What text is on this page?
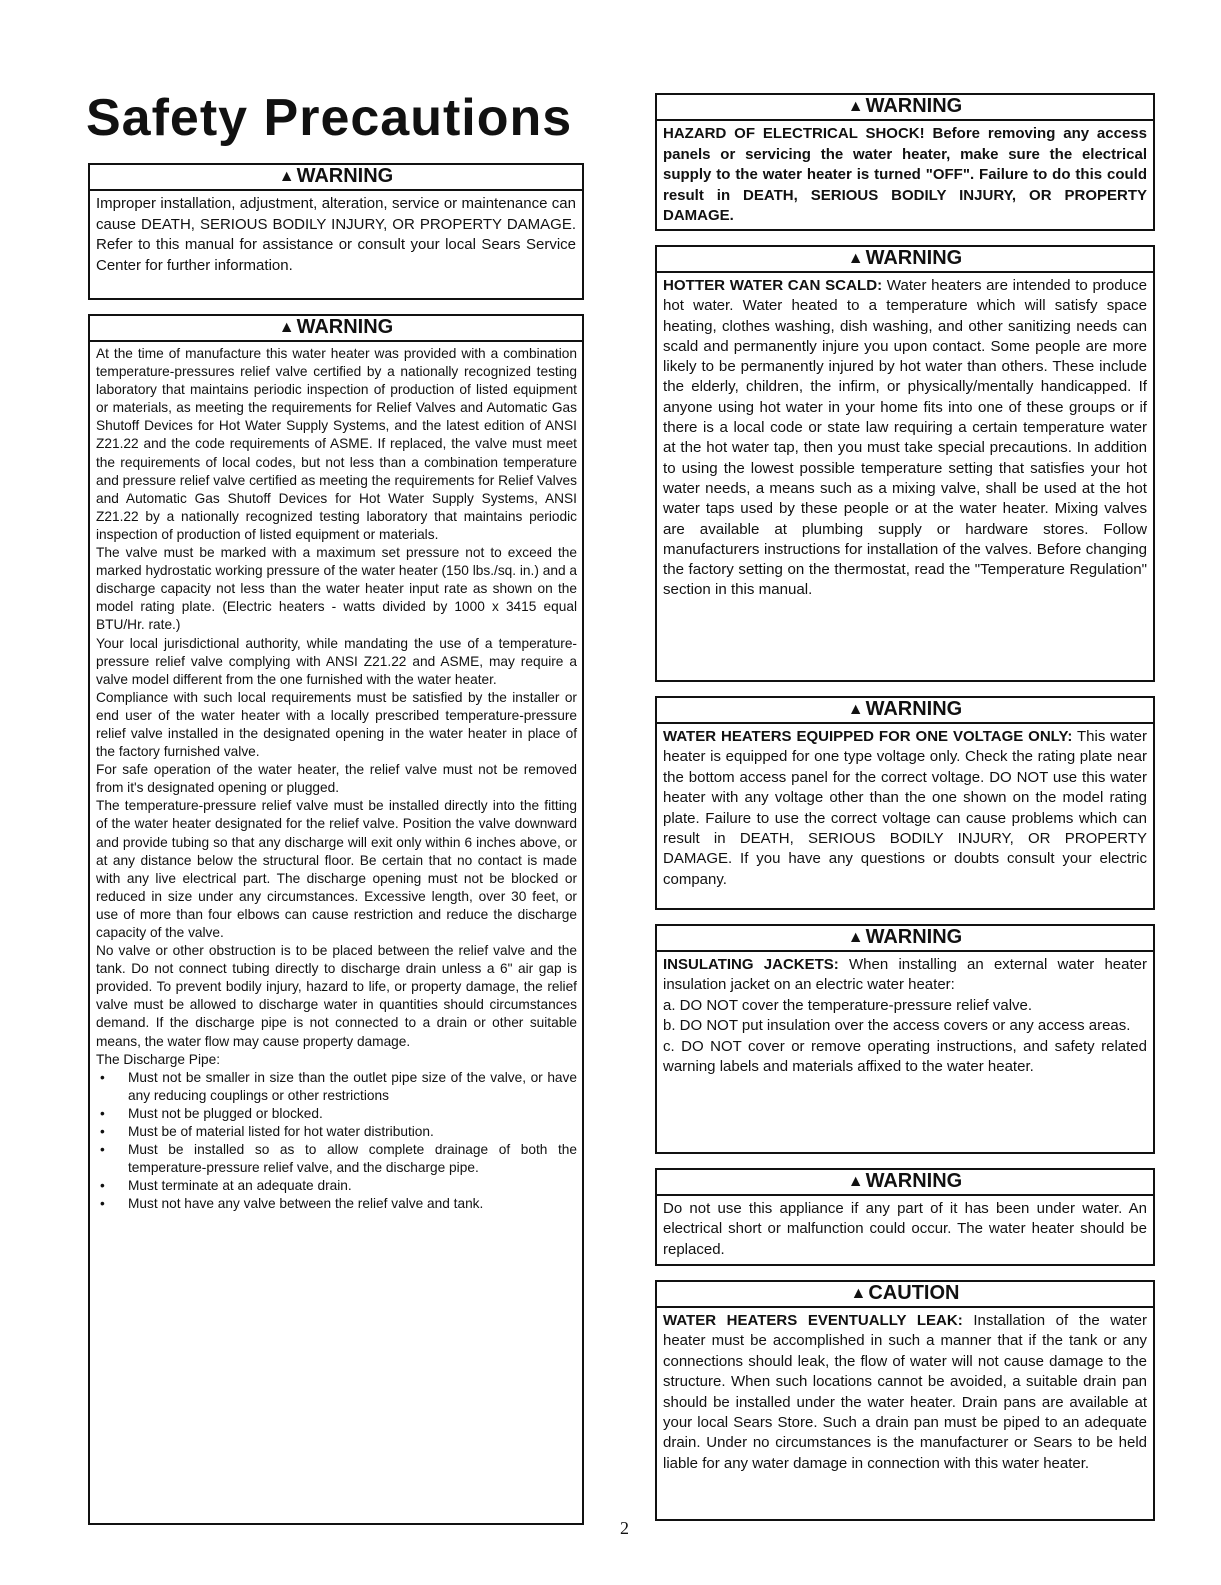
Safety Precautions
▲ WARNING

Improper installation, adjustment, alteration, service or maintenance can cause DEATH, SERIOUS BODILY INJURY, OR PROPERTY DAMAGE. Refer to this manual for assistance or consult your local Sears Service Center for further information.

▲ WARNING

At the time of manufacture this water heater was provided with a combination temperature-pressures relief valve certified by a nationally recognized testing laboratory that maintains periodic inspection of production of listed equipment or materials, as meeting the requirements for Relief Valves and Automatic Gas Shutoff Devices for Hot Water Supply Systems, and the latest edition of ANSI Z21.22 and the code requirements of ASME. If replaced, the valve must meet the requirements of local codes, but not less than a combination temperature and pressure relief valve certified as meeting the requirements for Relief Valves and Automatic Gas Shutoff Devices for Hot Water Supply Systems, ANSI Z21.22 by a nationally recognized testing laboratory that maintains periodic inspection of production of listed equipment or materials.

The valve must be marked with a maximum set pressure not to exceed the marked hydrostatic working pressure of the water heater (150 lbs./sq. in.) and a discharge capacity not less than the water heater input rate as shown on the model rating plate. (Electric heaters - watts divided by 1000 x 3415 equal BTU/Hr. rate.)

Your local jurisdictional authority, while mandating the use of a temperature-pressure relief valve complying with ANSI Z21.22 and ASME, may require a valve model different from the one furnished with the water heater.

Compliance with such local requirements must be satisfied by the installer or end user of the water heater with a locally prescribed temperature-pressure relief valve installed in the designated opening in the water heater in place of the factory furnished valve.

For safe operation of the water heater, the relief valve must not be removed from it's designated opening or plugged.

The temperature-pressure relief valve must be installed directly into the fitting of the water heater designated for the relief valve. Position the valve downward and provide tubing so that any discharge will exit only within 6 inches above, or at any distance below the structural floor. Be certain that no contact is made with any live electrical part. The discharge opening must not be blocked or reduced in size under any circumstances. Excessive length, over 30 feet, or use of more than four elbows can cause restriction and reduce the discharge capacity of the valve.

No valve or other obstruction is to be placed between the relief valve and the tank. Do not connect tubing directly to discharge drain unless a 6" air gap is provided. To prevent bodily injury, hazard to life, or property damage, the relief valve must be allowed to discharge water in quantities should circumstances demand. If the discharge pipe is not connected to a drain or other suitable means, the water flow may cause property damage.

The Discharge Pipe:

• Must not be smaller in size than the outlet pipe size of the valve, or have any reducing couplings or other restrictions
• Must not be plugged or blocked.
• Must be of material listed for hot water distribution.
• Must be installed so as to allow complete drainage of both the temperature-pressure relief valve, and the discharge pipe.
• Must terminate at an adequate drain.
• Must not have any valve between the relief valve and tank.
▲ WARNING

HAZARD OF ELECTRICAL SHOCK! Before removing any access panels or servicing the water heater, make sure the electrical supply to the water heater is turned "OFF". Failure to do this could result in DEATH, SERIOUS BODILY INJURY, OR PROPERTY DAMAGE.

▲ WARNING

HOTTER WATER CAN SCALD: Water heaters are intended to produce hot water. Water heated to a temperature which will satisfy space heating, clothes washing, dish washing, and other sanitizing needs can scald and permanently injure you upon contact. Some people are more likely to be permanently injured by hot water than others. These include the elderly, children, the infirm, or physically/mentally handicapped. If anyone using hot water in your home fits into one of these groups or if there is a local code or state law requiring a certain temperature water at the hot water tap, then you must take special precautions. In addition to using the lowest possible temperature setting that satisfies your hot water needs, a means such as a mixing valve, shall be used at the hot water taps used by these people or at the water heater. Mixing valves are available at plumbing supply or hardware stores. Follow manufacturers instructions for installation of the valves. Before changing the factory setting on the thermostat, read the "Temperature Regulation" section in this manual.

▲ WARNING

WATER HEATERS EQUIPPED FOR ONE VOLTAGE ONLY: This water heater is equipped for one type voltage only. Check the rating plate near the bottom access panel for the correct voltage. DO NOT use this water heater with any voltage other than the one shown on the model rating plate. Failure to use the correct voltage can cause problems which can result in DEATH, SERIOUS BODILY INJURY, OR PROPERTY DAMAGE. If you have any questions or doubts consult your electric company.

▲ WARNING

INSULATING JACKETS: When installing an external water heater insulation jacket on an electric water heater:

a. DO NOT cover the temperature-pressure relief valve.

b. DO NOT put insulation over the access covers or any access areas.

c. DO NOT cover or remove operating instructions, and safety related warning labels and materials affixed to the water heater.

▲ WARNING

Do not use this appliance if any part of it has been under water. An electrical short or malfunction could occur. The water heater should be replaced.

▲ CAUTION

WATER HEATERS EVENTUALLY LEAK: Installation of the water heater must be accomplished in such a manner that if the tank or any connections should leak, the flow of water will not cause damage to the structure. When such locations cannot be avoided, a suitable drain pan should be installed under the water heater. Drain pans are available at your local Sears Store. Such a drain pan must be piped to an adequate drain. Under no circumstances is the manufacturer or Sears to be held liable for any water damage in connection with this water heater.

2
